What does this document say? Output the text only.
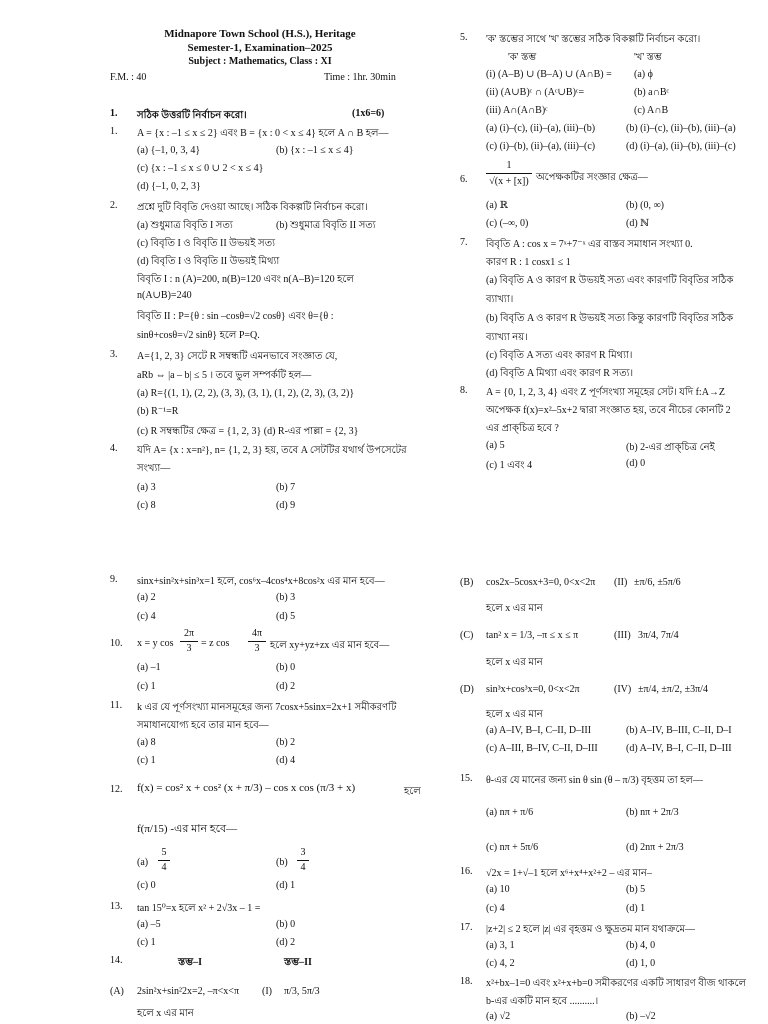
Midnapore Town School (H.S.), Heritage
Semester-1, Examination–2025
Subject : Mathematics, Class : XI
F.M. : 40	Time : 1hr. 30min
1. সঠিক উত্তরটি নির্বাচন করো।	(1x6=6)
1. A = {x : –1 ≤ x ≤ 2} এবং B = {x : 0 < x ≤ 4} হলে A ∩ B হল—
(a) {–1, 0, 3, 4}	(b) {x : –1 ≤ x ≤ 4}
(c) {x : –1 ≤ x ≤ 0 ∪ 2 < x ≤ 4}
(d) {–1, 0, 2, 3}
2. প্রশ্নে দুটি বিবৃতি দেওয়া আছে। সঠিক বিকল্পটি নির্বাচন করো।
(a) শুধুমাত্র বিবৃতি I সত্য	(b) শুধুমাত্র বিবৃতি II সত্য
(c) বিবৃতি I ও বিবৃতি II উভয়ই সত্য
(d) বিবৃতি I ও বিবৃতি II উভয়ই মিথ্যা
বিবৃতি I : n (A)=200, n(B)=120 এবং n(A–B)=120 হলে
n(A∪B)=240
বিবৃতি II : P={θ : sin –cosθ=√2 cosθ} এবং θ={θ :
sinθ+cosθ=√2 sinθ} হলে P=Q.
3. A={1, 2, 3} সেটে R সম্বন্ধটি এমনভাবে সংজ্ঞাত যে,
aRb ⇔ |a – b| ≤ 5 । তবে ভুল সম্পর্কটি হল—
(a) R={(1, 1), (2, 2), (3, 3), (3, 1), (1, 2), (2, 3), (3, 2)}
(b) R⁻¹=R
(c) R সম্বন্ধটির ক্ষেত্র = {1, 2, 3} (d) R-এর পাল্লা = {2, 3}
4. যদি A= {x : x=n²}, n= {1, 2, 3} হয়, তবে A সেটটির যথার্থ উপসেটের
সংখ্যা—
(a) 3	(b) 7
(c) 8	(d) 9
5. 'ক' স্তম্ভের সাথে 'খ' স্তম্ভের সঠিক বিকল্পটি নির্বাচন করো।
'ক' স্তম্ভ	'খ' স্তম্ভ
(i) (A–B) ∪ (B–A) ∪ (A∩B) = (a) ϕ
(ii) (A∪B)ᶜ ∩ (Aᶜ∪B)ᶜ=	(b) a∩Bᶜ
(iii) A∩(A∩B)ᶜ	(c) A∩B
(a) (i)–(c), (ii)–(a), (iii)–(b)	(b) (i)–(c), (ii)–(b), (iii)–(a)
(c) (i)–(b), (ii)–(a), (iii)–(c)	(d) (i)–(a), (ii)–(b), (iii)–(c)
6.
1
√(x + [x]) অপেক্ষকটির সংজ্ঞার ক্ষেত্র—
(a) ℝ	(b) (0, ∞)
(c) (–∞, 0)	(d) ℕ
7. বিবৃতি A : cos x = 7ˣ+7⁻ˣ এর বাস্তব সমাধান সংখ্যা 0.
কারণ R : 1 cosx1 ≤ 1
(a) বিবৃতি A ও কারণ R উভয়ই সত্য এবং কারণটি বিবৃতির সঠিক
ব্যাখ্যা।
(b) বিবৃতি A ও কারণ R উভয়ই সত্য কিন্তু কারণটি বিবৃতির সঠিক
ব্যাখ্যা নয়।
(c) বিবৃতি A সত্য এবং কারণ R মিথ্যা।
(d) বিবৃতি A মিথ্যা এবং কারণ R সত্য।
8. A = {0, 1, 2, 3, 4} এবং Z পূর্ণসংখ্যা সমূহের সেট। যদি f:A→Z
অপেক্ষক f(x)=x²–5x+2 দ্বারা সংজ্ঞাত হয়, তবে নীচের কোনটি 2
এর প্রাক্‌চিত্র হবে ?
(a) 5	(b) 2-এর প্রাক্‌চিত্র নেই
(c) 1 এবং 4	(d) 0
9. sinx+sin²x+sin³x=1 হলে, cos⁶x–4cos⁴x+8cos²x এর মান হবে—
(a) 2	(b) 3
(c) 4	(d) 5
10. x = y cos
2π
3 = z cos
4π
3	হলে xy+yz+zx এর মান হবে—
(a) –1	(b) 0
(c) 1	(d) 2
11. k এর যে পূর্ণসংখ্যা মানসমূহের জন্য 7cosx+5sinx=2x+1 সমীকরণটি
সমাধানযোগ্য হবে তার মান হবে—
(a) 8	(b) 2
(c) 1	(d) 4
12. f(x) = cos² x + cos² (x + π/3) – cos x cos (π/3 + x)	হলে
f(π/15) -এর মান হবে—
(a)
5
4	(b)
3
4
(c) 0	(d) 1
13. tan 15⁰=x হলে x² + 2√3x – 1 =
(a) –5	(b) 0
(c) 1	(d) 2
14.	স্তম্ভ–I	স্তম্ভ–II
(A) 2sin²x+sin²2x=2, –π<x<π (I) π/3, 5π/3
হলে x এর মান
(B) cos2x–5cosx+3=0, 0<x<2π (II) ±π/6, ±5π/6
হলে x এর মান
(C) tan² x = 1/3, –π ≤ x ≤ π	(III) 3π/4, 7π/4
হলে x এর মান
(D) sin³x+cos³x=0, 0<x<2π	(IV) ±π/4, ±π/2, ±3π/4
হলে x এর মান
(a) A–IV, B–I, C–II, D–III	(b) A–IV, B–III, C–II, D–I
(c) A–III, B–IV, C–II, D–III	(d) A–IV, B–I, C–II, D–III
15. θ-এর যে মানের জন্য sin θ sin (θ – π/3) বৃহত্তম তা হল—
(a) nπ + π/6	(b) nπ + 2π/3
(c) nπ + 5π/6	(d) 2nπ + 2π/3
16. √2x = 1+√–1 হলে x⁶+x⁴+x²+2 – এর মান–
(a) 10	(b) 5
(c) 4	(d) 1
17. |z+2| ≤ 2 হলে |z| এর বৃহত্তম ও ক্ষুদ্রতম মান যথাক্রমে—
(a) 3, 1	(b) 4, 0
(c) 4, 2	(d) 1, 0
18. x²+bx–1=0 এবং x²+x+b=0 সমীকরণের একটি সাধারণ বীজ থাকলে
b-এর একটি মান হবে ..........।
(a) √2	(b) –√2
